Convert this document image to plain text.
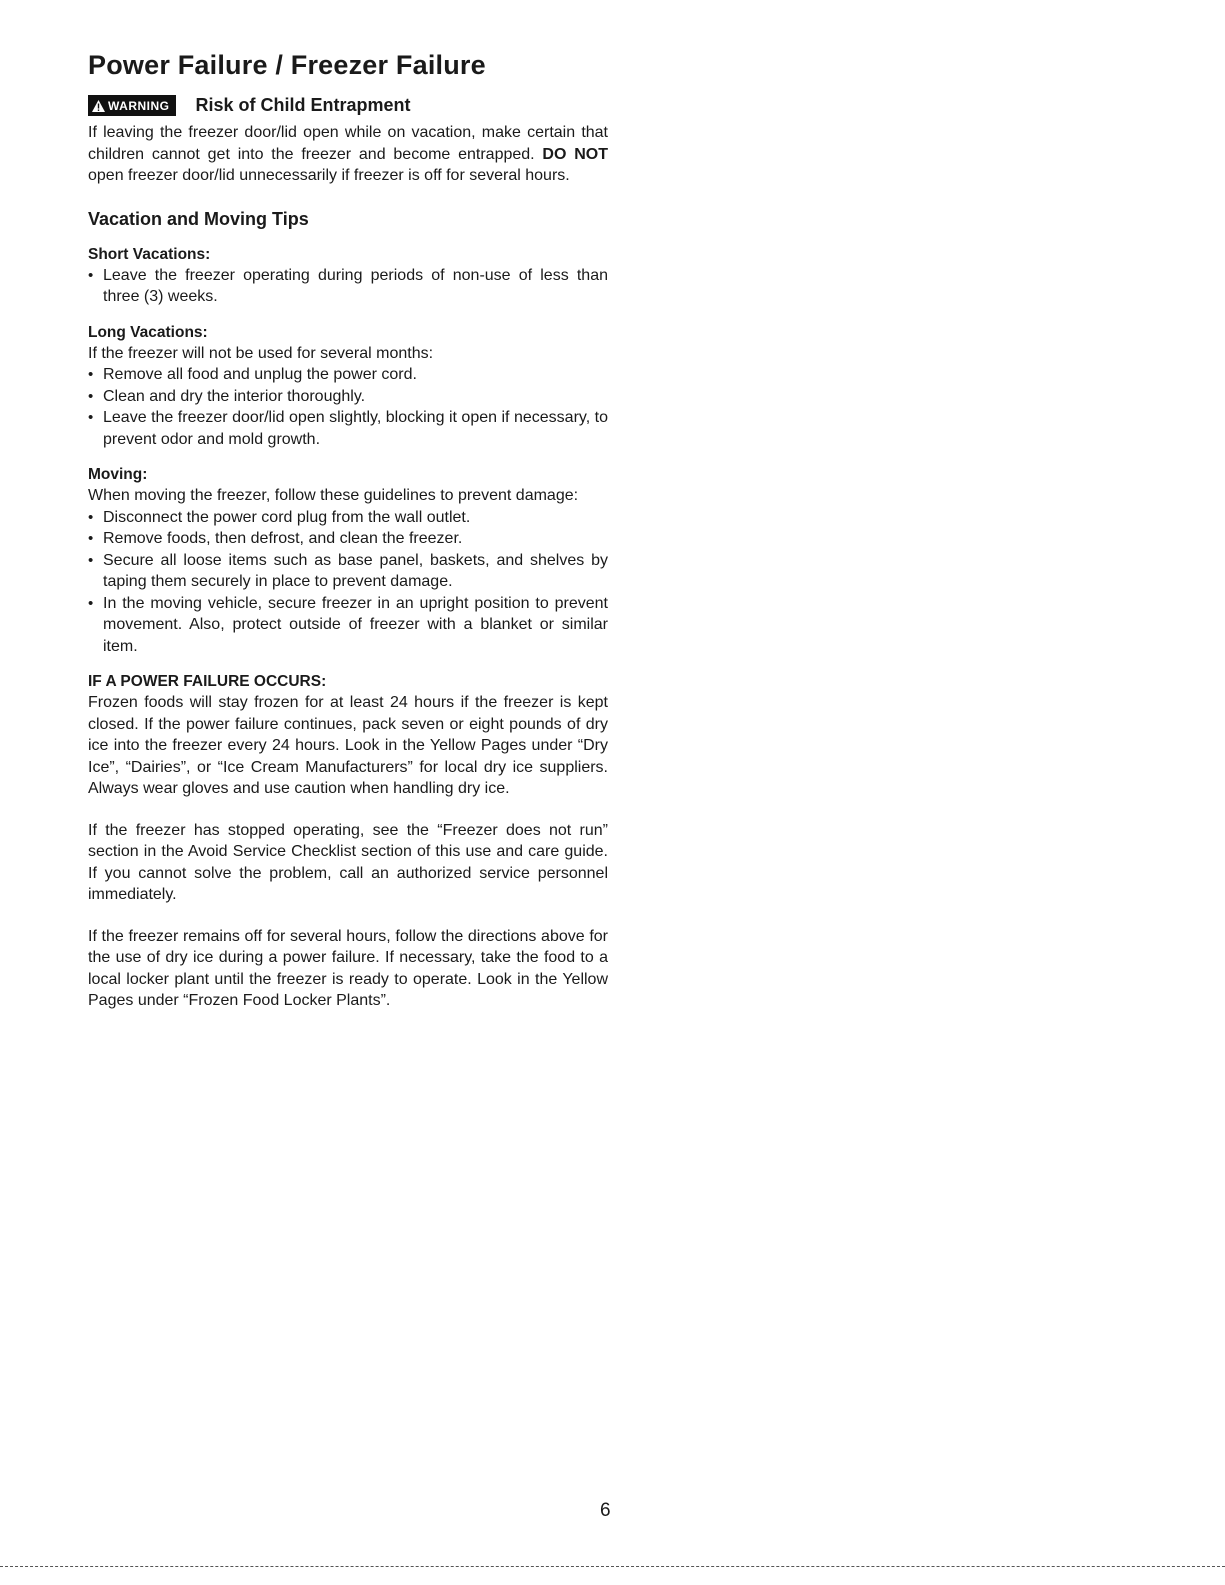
Power Failure / Freezer Failure
WARNING Risk of Child Entrapment

If leaving the freezer door/lid open while on vacation, make certain that children cannot get into the freezer and become entrapped. DO NOT open freezer door/lid unnecessarily if freezer is off for several hours.

Vacation and Moving Tips
Short Vacations:
• Leave the freezer operating during periods of non-use of less than three (3) weeks.
Long Vacations:

If the freezer will not be used for several months:

• Remove all food and unplug the power cord.
• Clean and dry the interior thoroughly.
• Leave the freezer door/lid open slightly, blocking it open if necessary, to prevent odor and mold growth.
Moving:

When moving the freezer, follow these guidelines to prevent damage:

• Disconnect the power cord plug from the wall outlet.
• Remove foods, then defrost, and clean the freezer.
• Secure all loose items such as base panel, baskets, and shelves by taping them securely in place to prevent damage.
• In the moving vehicle, secure freezer in an upright position to prevent movement. Also, protect outside of freezer with a blanket or similar item.
IF A POWER FAILURE OCCURS:

Frozen foods will stay frozen for at least 24 hours if the freezer is kept closed. If the power failure continues, pack seven or eight pounds of dry ice into the freezer every 24 hours. Look in the Yellow Pages under “Dry Ice”, “Dairies”, or “Ice Cream Manufacturers” for local dry ice suppliers. Always wear gloves and use caution when handling dry ice.

If the freezer has stopped operating, see the “Freezer does not run” section in the Avoid Service Checklist section of this use and care guide. If you cannot solve the problem, call an authorized service personnel immediately.

If the freezer remains off for several hours, follow the directions above for the use of dry ice during a power failure. If necessary, take the food to a local locker plant until the freezer is ready to operate. Look in the Yellow Pages under “Frozen Food Locker Plants”.

6
